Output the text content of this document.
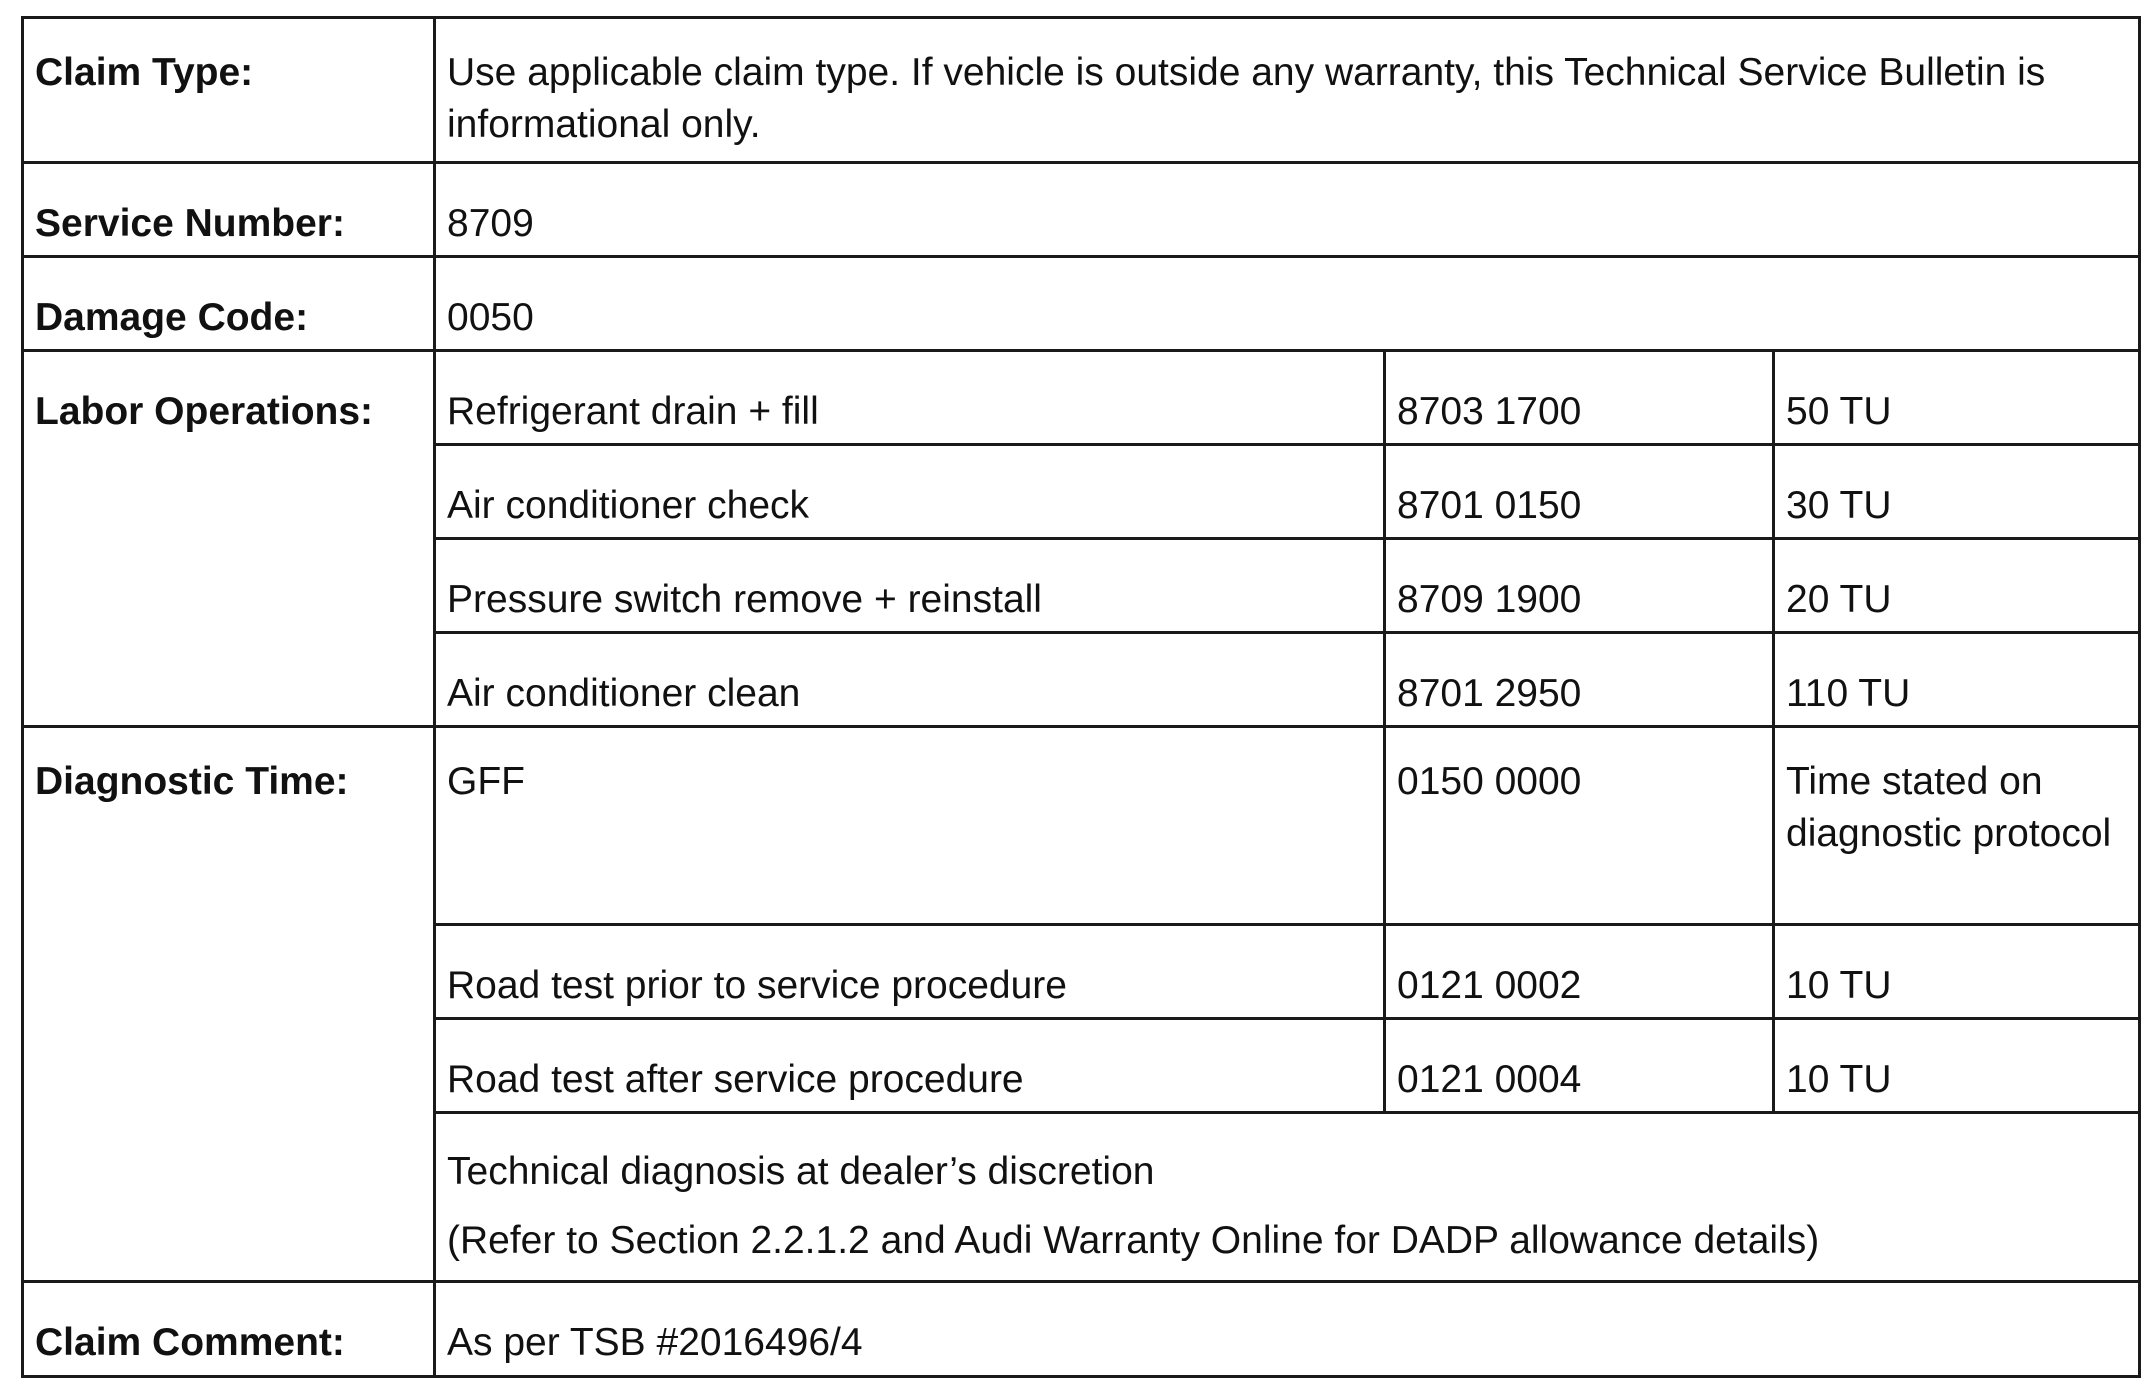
Claim Type:	Use applicable claim type. If vehicle is outside any warranty, this Technical Service Bulletin is informational only.		
Service Number:	8709		
Damage Code:	0050		
Labor Operations:	Refrigerant drain + fill	8703 1700	50 TU
	Air conditioner check	8701 0150	30 TU
	Pressure switch remove + reinstall	8709 1900	20 TU
	Air conditioner clean	8701 2950	110 TU
Diagnostic Time:	GFF	0150 0000	Time stated on diagnostic protocol
	Road test prior to service procedure	0121 0002	10 TU
	Road test after service procedure	0121 0004	10 TU

	Technical diagnosis at dealer’s discretion
(Refer to Section 2.2.1.2 and Audi Warranty Online for DADP allowance details)		

Claim Comment:	As per TSB #2016496/4		
